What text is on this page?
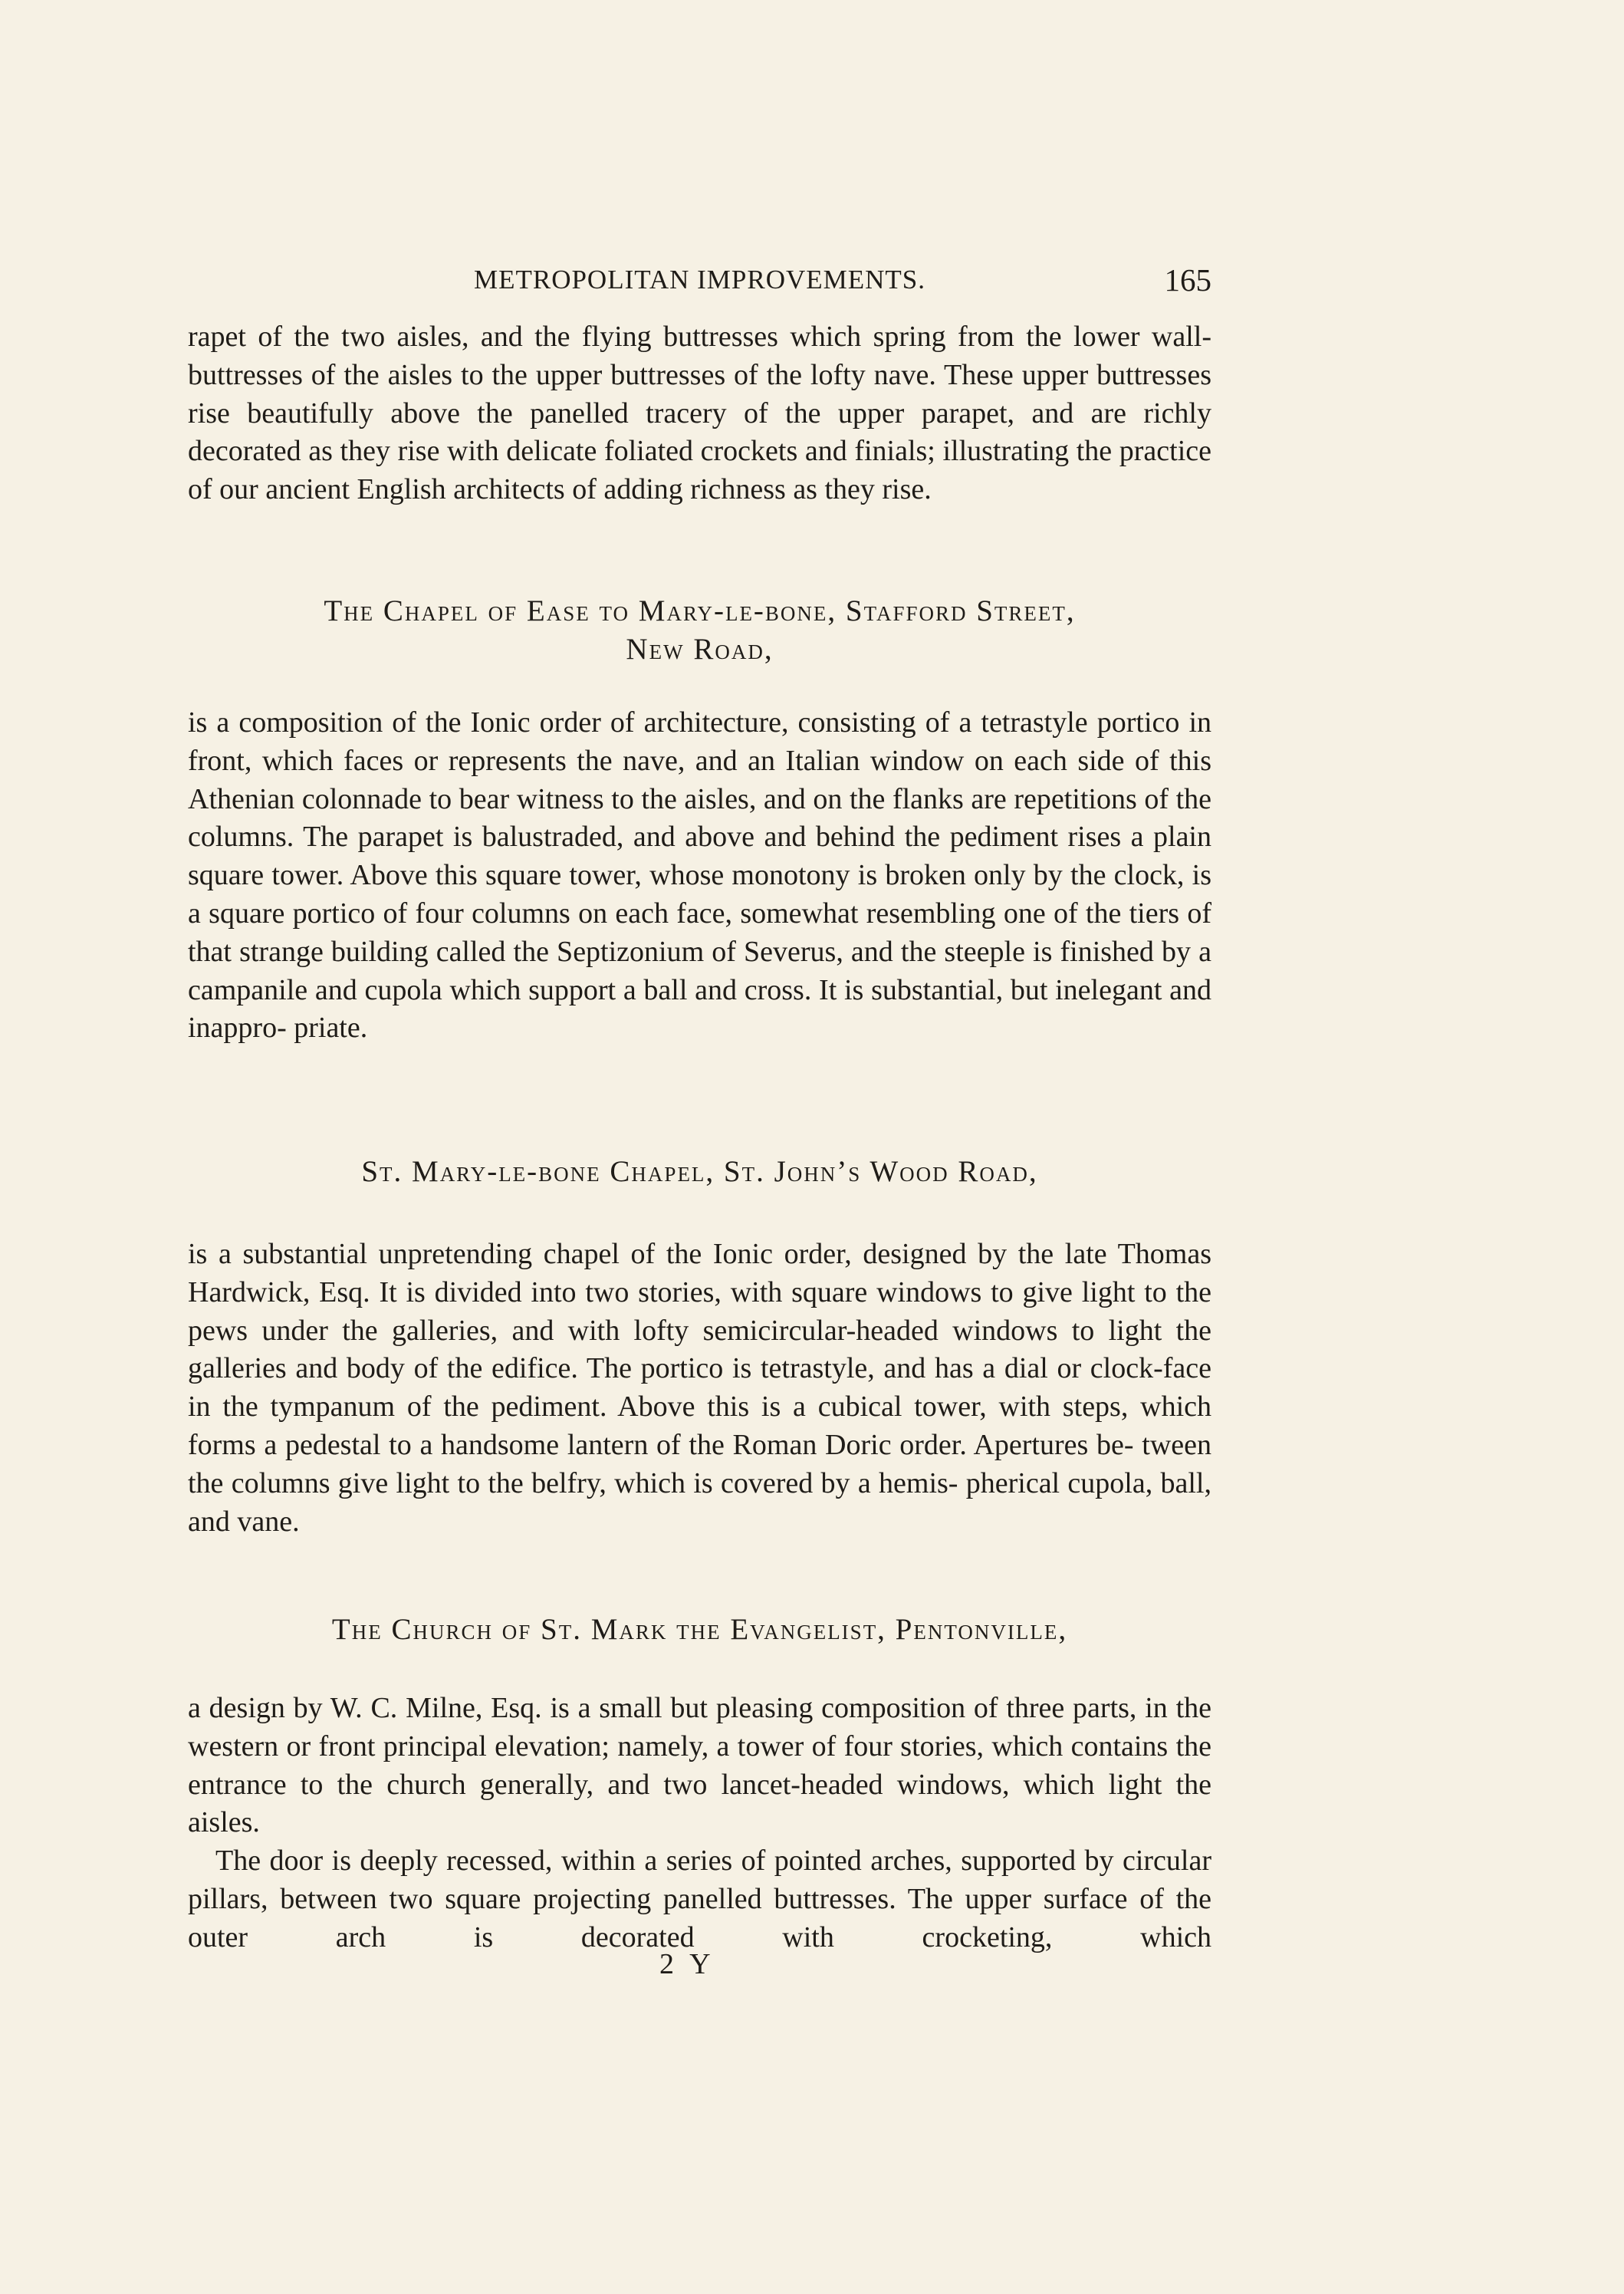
METROPOLITAN IMPROVEMENTS.	165

rapet of the two aisles, and the flying buttresses which spring from the lower wall-buttresses of the aisles to the upper buttresses of the lofty nave. These upper buttresses rise beautifully above the panelled tracery of the upper parapet, and are richly decorated as they rise with delicate foliated crockets and finials; illustrating the practice of our ancient English architects of adding richness as they rise.

The Chapel of Ease to Mary-le-bone, Stafford Street,
New Road,

is a composition of the Ionic order of architecture, consisting of a tetrastyle portico in front, which faces or represents the nave, and an Italian window on each side of this Athenian colonnade to bear witness to the aisles, and on the flanks are repetitions of the columns. The parapet is balustraded, and above and behind the pediment rises a plain square tower. Above this square tower, whose monotony is broken only by the clock, is a square portico of four columns on each face, somewhat resembling one of the tiers of that strange building called the Septizonium of Severus, and the steeple is finished by a campanile and cupola which support a ball and cross. It is substantial, but inelegant and inappro- priate.

St. Mary-le-bone Chapel, St. John’s Wood Road,

is a substantial unpretending chapel of the Ionic order, designed by the late Thomas Hardwick, Esq. It is divided into two stories, with square windows to give light to the pews under the galleries, and with lofty semicircular-headed windows to light the galleries and body of the edifice. The portico is tetrastyle, and has a dial or clock-face in the tympanum of the pediment. Above this is a cubical tower, with steps, which forms a pedestal to a handsome lantern of the Roman Doric order. Apertures be- tween the columns give light to the belfry, which is covered by a hemis- pherical cupola, ball, and vane.

The Church of St. Mark the Evangelist, Pentonville,

a design by W. C. Milne, Esq. is a small but pleasing composition of three parts, in the western or front principal elevation; namely, a tower of four stories, which contains the entrance to the church generally, and two lancet-headed windows, which light the aisles.

The door is deeply recessed, within a series of pointed arches, supported by circular pillars, between two square projecting panelled buttresses. The upper surface of the outer arch is decorated with crocketing, which

2 Y
